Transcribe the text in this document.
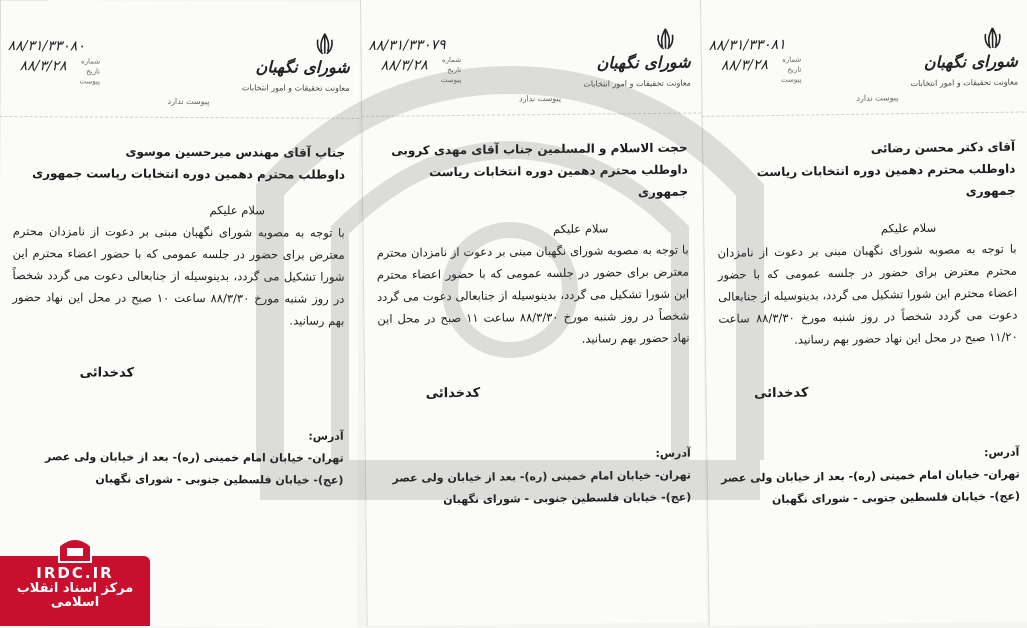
شورای نگهبان
معاونت تحقیقات و امور انتخابات
۸۸/۳۱/۳۳۰۸۰
۸۸/۳/۲۸	شماره
تاریخ
پیوست
پیوست ندارد
جناب آقای مهندس میرحسین موسوی
داوطلب محترم دهمین دوره انتخابات ریاست جمهوری
سلام علیکم
با توجه به مصوبه شورای نگهبان مبنی بر دعوت از نامزدان محترم معترض برای حضور در جلسه عمومی که با حضور اعضاء محترم این شورا تشکیل می گردد، بدینوسیله از جنابعالی دعوت می گردد شخصاً در روز شنبه مورخ ۸۸/۳/۳۰ ساعت ۱۰ صبح در محل این نهاد حضور بهم رسانید.
کدخدائی
آدرس:
تهران- خیابان امام خمینی (ره)- بعد از خیابان ولی عصر (عج)- خیابان فلسطین جنوبی - شورای نگهبان
شورای نگهبان
معاونت تحقیقات و امور انتخابات
۸۸/۳۱/۳۳۰۷۹
۸۸/۳/۲۸	شماره
تاریخ
پیوست
پیوست ندارد
حجت الاسلام و المسلمین جناب آقای مهدی کروبی
داوطلب محترم دهمین دوره انتخابات ریاست جمهوری
سلام علیکم
با توجه به مصوبه شورای نگهبان مبنی بر دعوت از نامزدان محترم معترض برای حضور در جلسه عمومی که با حضور اعضاء محترم این شورا تشکیل می گردد، بدینوسیله از جنابعالی دعوت می گردد شخصاً در روز شنبه مورخ ۸۸/۳/۳۰ ساعت ۱۱ صبح در محل این نهاد حضور بهم رسانید.
کدخدائی
آدرس:
تهران- خیابان امام خمینی (ره)- بعد از خیابان ولی عصر (عج)- خیابان فلسطین جنوبی - شورای نگهبان
شورای نگهبان
معاونت تحقیقات و امور انتخابات
۸۸/۳۱/۳۳۰۸۱
۸۸/۳/۲۸	شماره
تاریخ
پیوست
پیوست ندارد
آقای دکتر محسن رضائی
داوطلب محترم دهمین دوره انتخابات ریاست جمهوری
سلام علیکم
با توجه به مصوبه شورای نگهبان مبنی بر دعوت از نامزدان محترم معترض برای حضور در جلسه عمومی که با حضور اعضاء محترم این شورا تشکیل می گردد، بدینوسیله از جنابعالی دعوت می گردد شخصاً در روز شنبه مورخ ۸۸/۳/۳۰ ساعت ۱۱/۲۰ صبح در محل این نهاد حضور بهم رسانید.
کدخدائی
آدرس:
تهران- خیابان امام خمینی (ره)- بعد از خیابان ولی عصر (عج)- خیابان فلسطین جنوبی - شورای نگهبان
IRDC.IR
مرکز اسناد انقلاب اسلامی
